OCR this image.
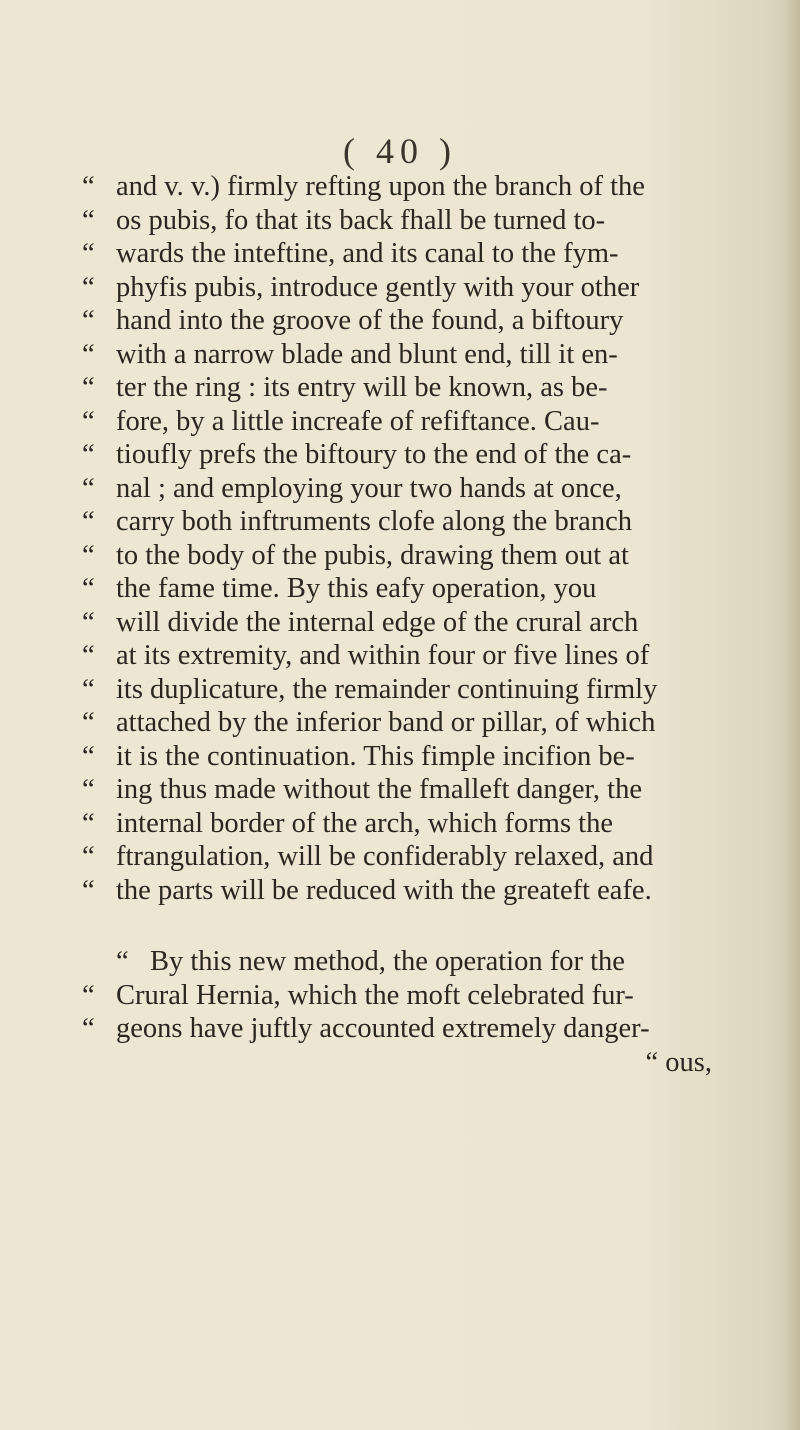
( 40 )
“ and v. v.) firmly refting upon the branch of the
“ os pubis, fo that its back fhall be turned to-
“ wards the inteftine, and its canal to the fym-
“ phyfis pubis, introduce gently with your other
“ hand into the groove of the found, a biftoury
“ with a narrow blade and blunt end, till it en-
“ ter the ring : its entry will be known, as be-
“ fore, by a little increafe of refiftance. Cau-
“ tioufly prefs the biftoury to the end of the ca-
“ nal ; and employing your two hands at once,
“ carry both inftruments clofe along the branch
“ to the body of the pubis, drawing them out at
“ the fame time. By this eafy operation, you
“ will divide the internal edge of the crural arch
“ at its extremity, and within four or five lines of
“ its duplicature, the remainder continuing firmly
“ attached by the inferior band or pillar, of which
“ it is the continuation. This fimple incifion be-
“ ing thus made without the fmalleft danger, the
“ internal border of the arch, which forms the
“ ftrangulation, will be confiderably relaxed, and
“ the parts will be reduced with the greateft eafe.
“ By this new method, the operation for the
“ Crural Hernia, which the moft celebrated fur-
“ geons have juftly accounted extremely danger-
“ ous,
